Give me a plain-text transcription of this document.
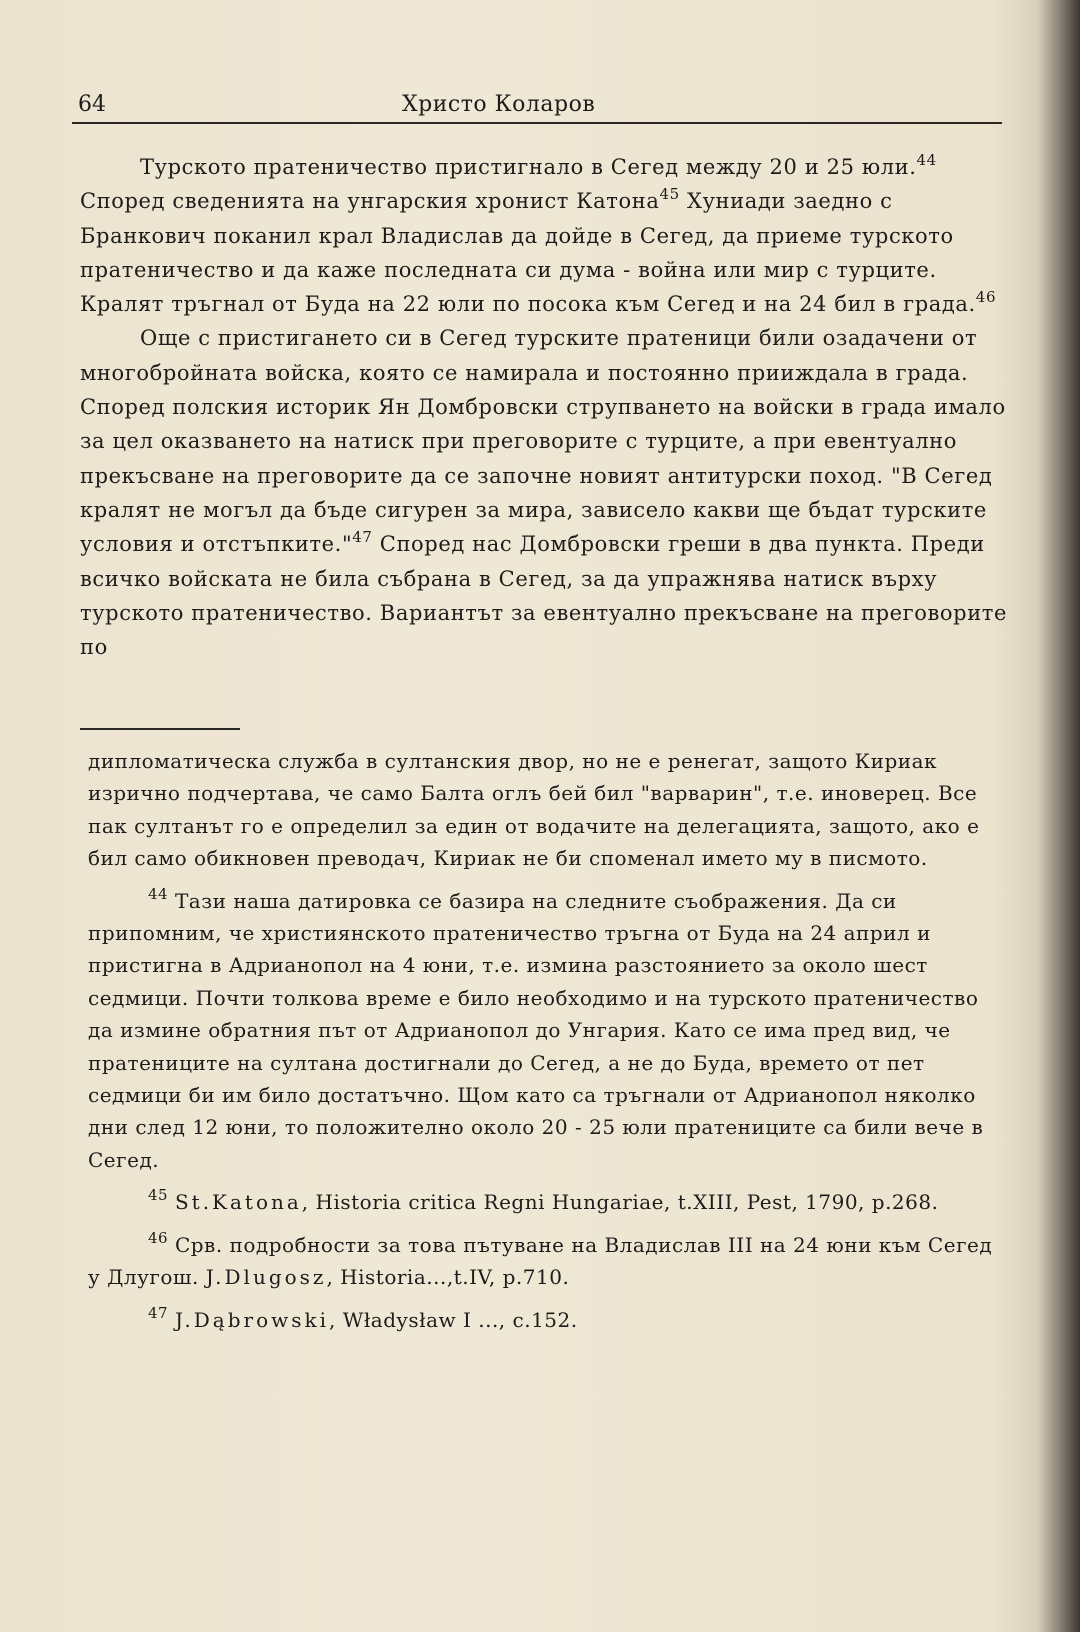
64	Христо Коларов

Турското пратеничество пристигнало в Сегед между 20 и 25 юли.$^{44}$ Според сведенията на унгарския хронист Катона$^{45}$ Хуниади заедно с Бранкович поканил крал Владислав да дойде в Сегед, да приеме турското пратеничество и да каже последната си дума - война или мир с турците. Кралят тръгнал от Буда на 22 юли по посока към Сегед и на 24 бил в града.$^{46}$

Още с пристигането си в Сегед турските пратеници били озадачени от многобройната войска, която се намирала и постоянно прииждала в града. Според полския историк Ян Домбровски струпването на войски в града имало за цел оказването на натиск при преговорите с турците, а при евентуално прекъсване на преговорите да се започне новият антитурски поход. "В Сегед кралят не могъл да бъде сигурен за мира, зависело какви ще бъдат турските условия и отстъпките."$^{47}$ Според нас Домбровски греши в два пункта. Преди всичко войската не била събрана в Сегед, за да упражнява натиск върху турското пратеничество. Вариантът за евентуално прекъсване на преговорите по

дипломатическа служба в султанския двор, но не е ренегат, защото Кириак изрично подчертава, че само Балта оглъ бей бил "варварин", т.е. иноверец. Все пак султанът го е определил за един от водачите на делегацията, защото, ако е бил само обикновен преводач, Кириак не би споменал името му в писмото.

$^{44}$ Тази наша датировка се базира на следните съображения. Да си припомним, че християнското пратеничество тръгна от Буда на 24 април и пристигна в Адрианопол на 4 юни, т.е. измина разстоянието за около шест седмици. Почти толкова време е било необходимо и на турското пратеничество да измине обратния път от Адрианопол до Унгария. Като се има пред вид, че пратениците на султана достигнали до Сегед, а не до Буда, времето от пет седмици би им било достатъчно. Щом като са тръгнали от Адрианопол няколко дни след 12 юни, то положително около 20 - 25 юли пратениците са били вече в Сегед.

$^{45}$ St.Katona, Historia critica Regni Hungariae, t.XIII, Pest, 1790, p.268.

$^{46}$ Срв. подробности за това пътуване на Владислав III на 24 юни към Сегед у Длугош. J.Dlugosz, Historia...,t.IV, p.710.

$^{47}$ J.Dąbrowski, Władysław I ..., c.152.
